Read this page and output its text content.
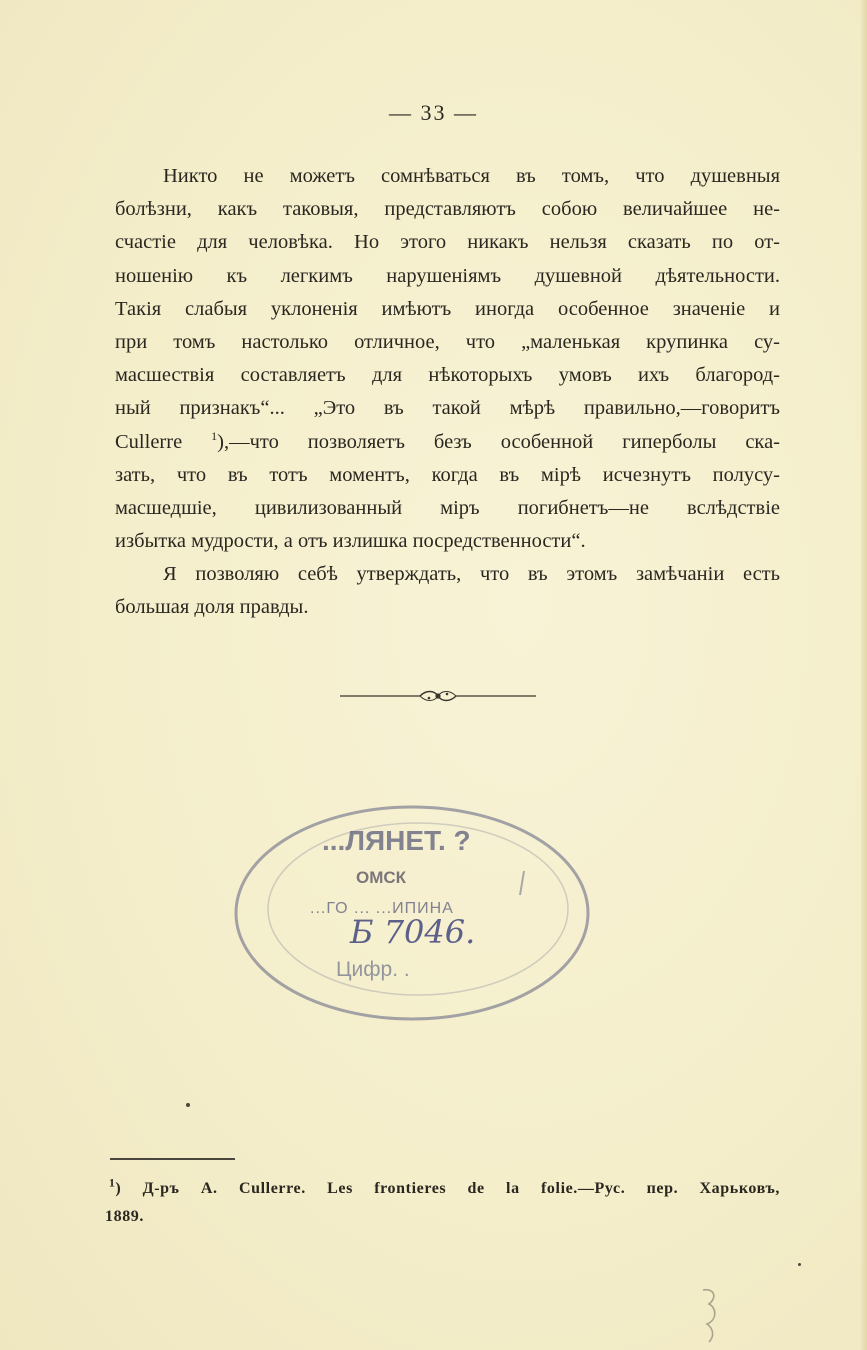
— 33 —
Никто не можетъ сомнѣваться въ томъ, что душевныя
болѣзни, какъ таковыя, представляютъ собою величайшее не-
счастіе для человѣка. Но этого никакъ нельзя сказать по от-
ношенію къ легкимъ нарушеніямъ душевной дѣятельности.
Такія слабыя уклоненія имѣютъ иногда особенное значеніе и
при томъ настолько отличное, что „маленькая крупинка су-
масшествія составляетъ для нѣкоторыхъ умовъ ихъ благород-
ный признакъ“... „Это въ такой мѣрѣ правильно,—говоритъ
Cullerre $^1$),—что позволяетъ безъ особенной гиперболы ска-
зать, что въ тотъ моментъ, когда въ мірѣ исчезнутъ полусу-
масшедшіе, цивилизованный міръ погибнетъ—не вслѣдствіе
избытка мудрости, а отъ излишка посредственности“.
Я позволяю себѣ утверждать, что въ этомъ замѣчаніи есть
большая доля правды.
...ЛЯНЕТ. ?
ОМСК
...ГО ... ...ИПИНА
Б 7046.
Цифр. .
 $^1$) Д-ръ А. Cullerre. Les frontieres de la folie.—Рус. пер. Харьковъ,
1889.
